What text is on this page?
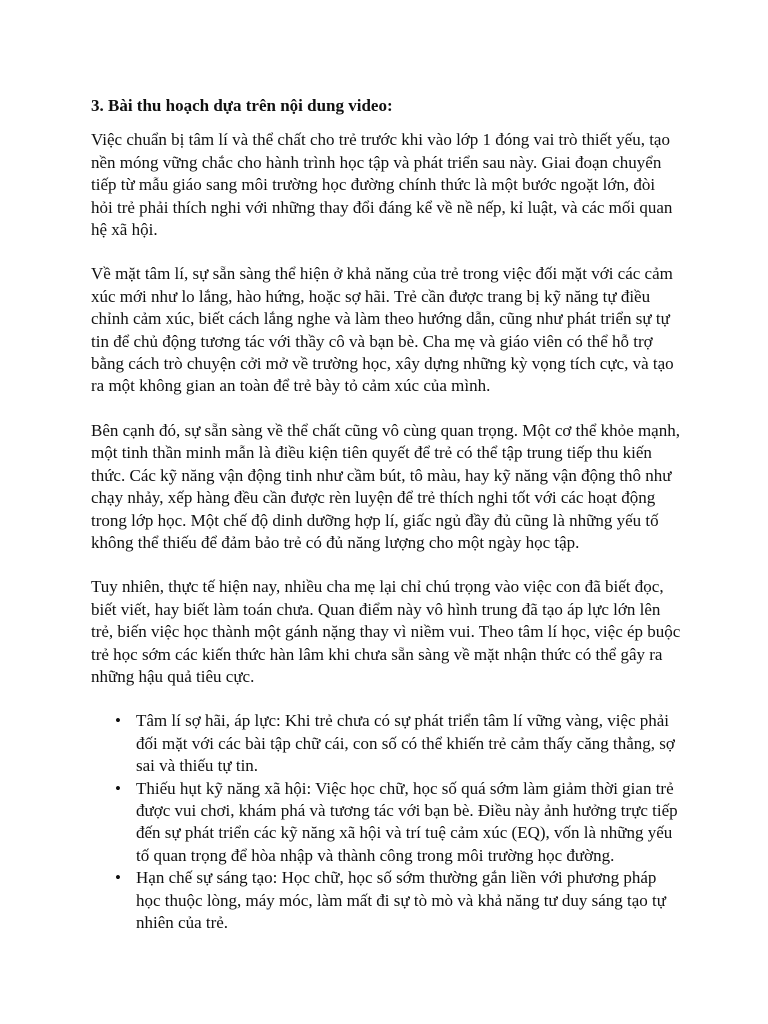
3. Bài thu hoạch dựa trên nội dung video:

Việc chuẩn bị tâm lí và thể chất cho trẻ trước khi vào lớp 1 đóng vai trò thiết yếu, tạo nền móng vững chắc cho hành trình học tập và phát triển sau này. Giai đoạn chuyển tiếp từ mẫu giáo sang môi trường học đường chính thức là một bước ngoặt lớn, đòi hỏi trẻ phải thích nghi với những thay đổi đáng kể về nề nếp, kỉ luật, và các mối quan hệ xã hội.

Về mặt tâm lí, sự sẵn sàng thể hiện ở khả năng của trẻ trong việc đối mặt với các cảm xúc mới như lo lắng, hào hứng, hoặc sợ hãi. Trẻ cần được trang bị kỹ năng tự điều chỉnh cảm xúc, biết cách lắng nghe và làm theo hướng dẫn, cũng như phát triển sự tự tin để chủ động tương tác với thầy cô và bạn bè. Cha mẹ và giáo viên có thể hỗ trợ bằng cách trò chuyện cởi mở về trường học, xây dựng những kỳ vọng tích cực, và tạo ra một không gian an toàn để trẻ bày tỏ cảm xúc của mình.

Bên cạnh đó, sự sẵn sàng về thể chất cũng vô cùng quan trọng. Một cơ thể khỏe mạnh, một tinh thần minh mẫn là điều kiện tiên quyết để trẻ có thể tập trung tiếp thu kiến thức. Các kỹ năng vận động tinh như cầm bút, tô màu, hay kỹ năng vận động thô như chạy nhảy, xếp hàng đều cần được rèn luyện để trẻ thích nghi tốt với các hoạt động trong lớp học. Một chế độ dinh dưỡng hợp lí, giấc ngủ đầy đủ cũng là những yếu tố không thể thiếu để đảm bảo trẻ có đủ năng lượng cho một ngày học tập.

Tuy nhiên, thực tế hiện nay, nhiều cha mẹ lại chỉ chú trọng vào việc con đã biết đọc, biết viết, hay biết làm toán chưa. Quan điểm này vô hình trung đã tạo áp lực lớn lên trẻ, biến việc học thành một gánh nặng thay vì niềm vui. Theo tâm lí học, việc ép buộc trẻ học sớm các kiến thức hàn lâm khi chưa sẵn sàng về mặt nhận thức có thể gây ra những hậu quả tiêu cực.

• Tâm lí sợ hãi, áp lực: Khi trẻ chưa có sự phát triển tâm lí vững vàng, việc phải đối mặt với các bài tập chữ cái, con số có thể khiến trẻ cảm thấy căng thẳng, sợ sai và thiếu tự tin.
• Thiếu hụt kỹ năng xã hội: Việc học chữ, học số quá sớm làm giảm thời gian trẻ được vui chơi, khám phá và tương tác với bạn bè. Điều này ảnh hưởng trực tiếp đến sự phát triển các kỹ năng xã hội và trí tuệ cảm xúc (EQ), vốn là những yếu tố quan trọng để hòa nhập và thành công trong môi trường học đường.
• Hạn chế sự sáng tạo: Học chữ, học số sớm thường gắn liền với phương pháp học thuộc lòng, máy móc, làm mất đi sự tò mò và khả năng tư duy sáng tạo tự nhiên của trẻ.
